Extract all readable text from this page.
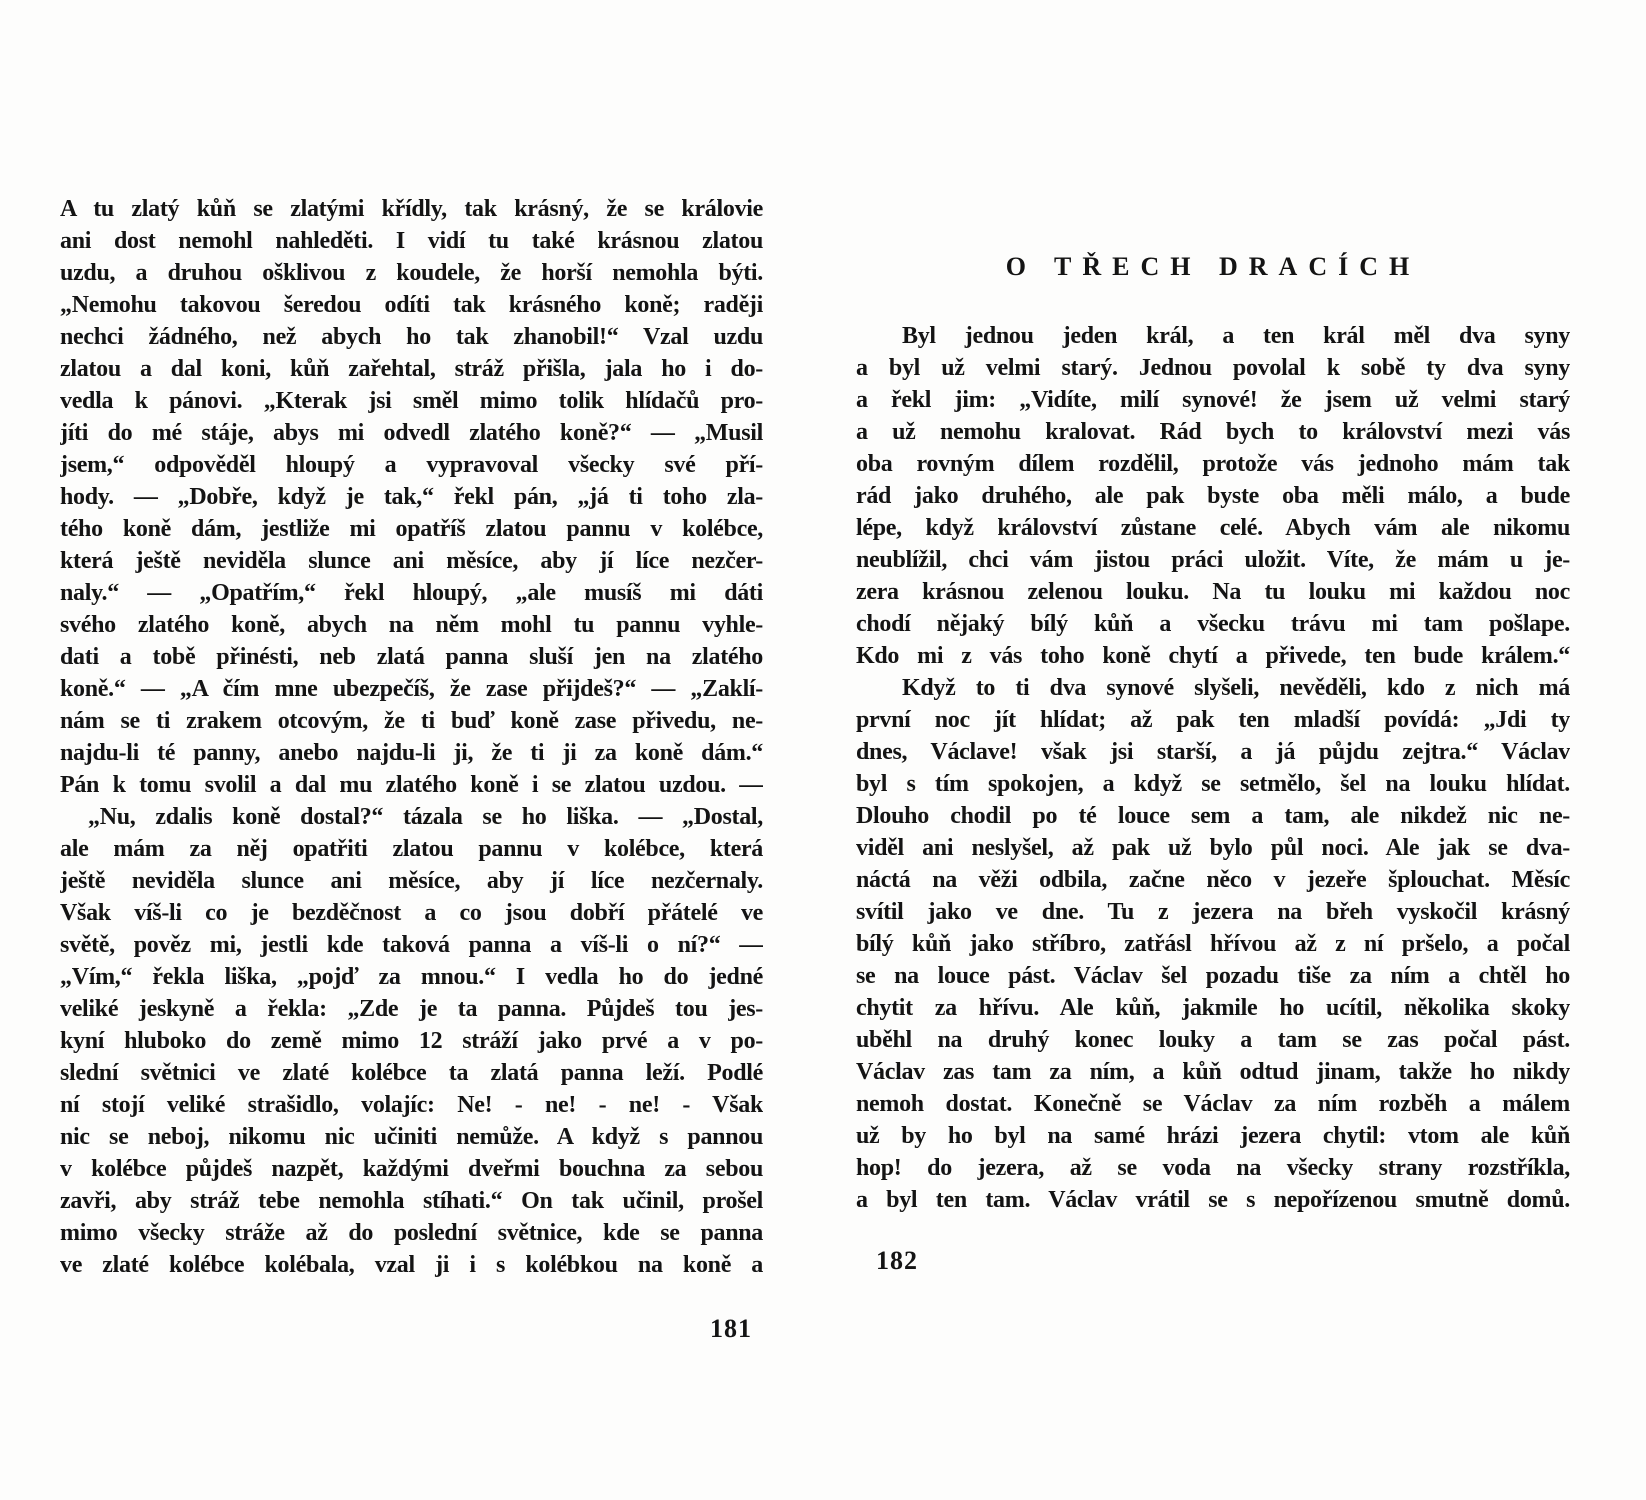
A tu zlatý kůň se zlatými křídly, tak krásný, že se královie
ani dost nemohl nahleděti. I vidí tu také krásnou zlatou
uzdu, a druhou ošklivou z koudele, že horší nemohla býti.
„Nemohu takovou šeredou odíti tak krásného koně; raději
nechci žádného, než abych ho tak zhanobil!“ Vzal uzdu
zlatou a dal koni, kůň zařehtal, stráž přišla, jala ho i do-
vedla k pánovi. „Kterak jsi směl mimo tolik hlídačů pro-
jíti do mé stáje, abys mi odvedl zlatého koně?“ — „Musil
jsem,“ odpověděl hloupý a vypravoval všecky své pří-
hody. — „Dobře, když je tak,“ řekl pán, „já ti toho zla-
tého koně dám, jestliže mi opatříš zlatou pannu v kolébce,
která ještě neviděla slunce ani měsíce, aby jí líce nezčer-
naly.“ — „Opatřím,“ řekl hloupý, „ale musíš mi dáti
svého zlatého koně, abych na něm mohl tu pannu vyhle-
dati a tobě přinésti, neb zlatá panna sluší jen na zlatého
koně.“ — „A čím mne ubezpečíš, že zase přijdeš?“ — „Zaklí-
nám se ti zrakem otcovým, že ti buď koně zase přivedu, ne-
najdu-li té panny, anebo najdu-li ji, že ti ji za koně dám.“
Pán k tomu svolil a dal mu zlatého koně i se zlatou uzdou. —
„Nu, zdalis koně dostal?“ tázala se ho liška. — „Dostal,
ale mám za něj opatřiti zlatou pannu v kolébce, která
ještě neviděla slunce ani měsíce, aby jí líce nezčernaly.
Však víš-li co je bezděčnost a co jsou dobří přátelé ve
světě, pověz mi, jestli kde taková panna a víš-li o ní?“ —
„Vím,“ řekla liška, „pojď za mnou.“ I vedla ho do jedné
veliké jeskyně a řekla: „Zde je ta panna. Půjdeš tou jes-
kyní hluboko do země mimo 12 stráží jako prvé a v po-
slední světnici ve zlaté kolébce ta zlatá panna leží. Podlé
ní stojí veliké strašidlo, volajíc: Ne! - ne! - ne! - Však
nic se neboj, nikomu nic učiniti nemůže. A když s pannou
v kolébce půjdeš nazpět, každými dveřmi bouchna za sebou
zavři, aby stráž tebe nemohla stíhati.“ On tak učinil, prošel
mimo všecky stráže až do poslední světnice, kde se panna
ve zlaté kolébce kolébala, vzal ji i s kolébkou na koně a
181
O TŘECH DRACÍCH
Byl jednou jeden král, a ten král měl dva syny
a byl už velmi starý. Jednou povolal k sobě ty dva syny
a řekl jim: „Vidíte, milí synové! že jsem už velmi starý
a už nemohu kralovat. Rád bych to království mezi vás
oba rovným dílem rozdělil, protože vás jednoho mám tak
rád jako druhého, ale pak byste oba měli málo, a bude
lépe, když království zůstane celé. Abych vám ale nikomu
neublížil, chci vám jistou práci uložit. Víte, že mám u je-
zera krásnou zelenou louku. Na tu louku mi každou noc
chodí nějaký bílý kůň a všecku trávu mi tam pošlape.
Kdo mi z vás toho koně chytí a přivede, ten bude králem.“
Když to ti dva synové slyšeli, nevěděli, kdo z nich má
první noc jít hlídat; až pak ten mladší povídá: „Jdi ty
dnes, Václave! však jsi starší, a já půjdu zejtra.“ Václav
byl s tím spokojen, a když se setmělo, šel na louku hlídat.
Dlouho chodil po té louce sem a tam, ale nikdež nic ne-
viděl ani neslyšel, až pak už bylo půl noci. Ale jak se dva-
náctá na věži odbila, začne něco v jezeře šplouchat. Měsíc
svítil jako ve dne. Tu z jezera na břeh vyskočil krásný
bílý kůň jako stříbro, zatřásl hřívou až z ní pršelo, a počal
se na louce pást. Václav šel pozadu tiše za ním a chtěl ho
chytit za hřívu. Ale kůň, jakmile ho ucítil, několika skoky
uběhl na druhý konec louky a tam se zas počal pást.
Václav zas tam za ním, a kůň odtud jinam, takže ho nikdy
nemoh dostat. Konečně se Václav za ním rozběh a málem
už by ho byl na samé hrázi jezera chytil: vtom ale kůň
hop! do jezera, až se voda na všecky strany rozstříkla,
a byl ten tam. Václav vrátil se s nepořízenou smutně domů.
182
